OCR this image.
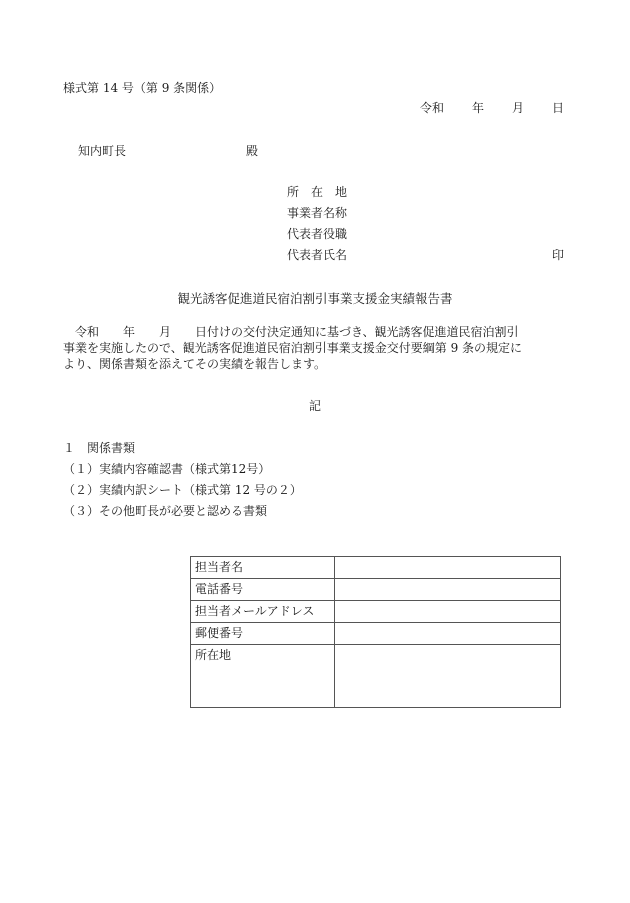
様式第 14 号（第 9 条関係）
令和 年 月 日
知内町長	殿
所　在　地
事業者名称
代表者役職
代表者氏名	印
観光誘客促進道民宿泊割引事業支援金実績報告書
　令和　　年　　月　　日付けの交付決定通知に基づき、観光誘客促進道民宿泊割引
事業を実施したので、観光誘客促進道民宿泊割引事業支援金交付要綱第 9 条の規定に
より、関係書類を添えてその実績を報告します。
記
１　関係書類
（１）実績内容確認書（様式第12号）
（２）実績内訳シート（様式第 12 号の２）
（３）その他町長が必要と認める書類
担当者名	
電話番号	
担当者メールアドレス	
郵便番号	
所在地	
